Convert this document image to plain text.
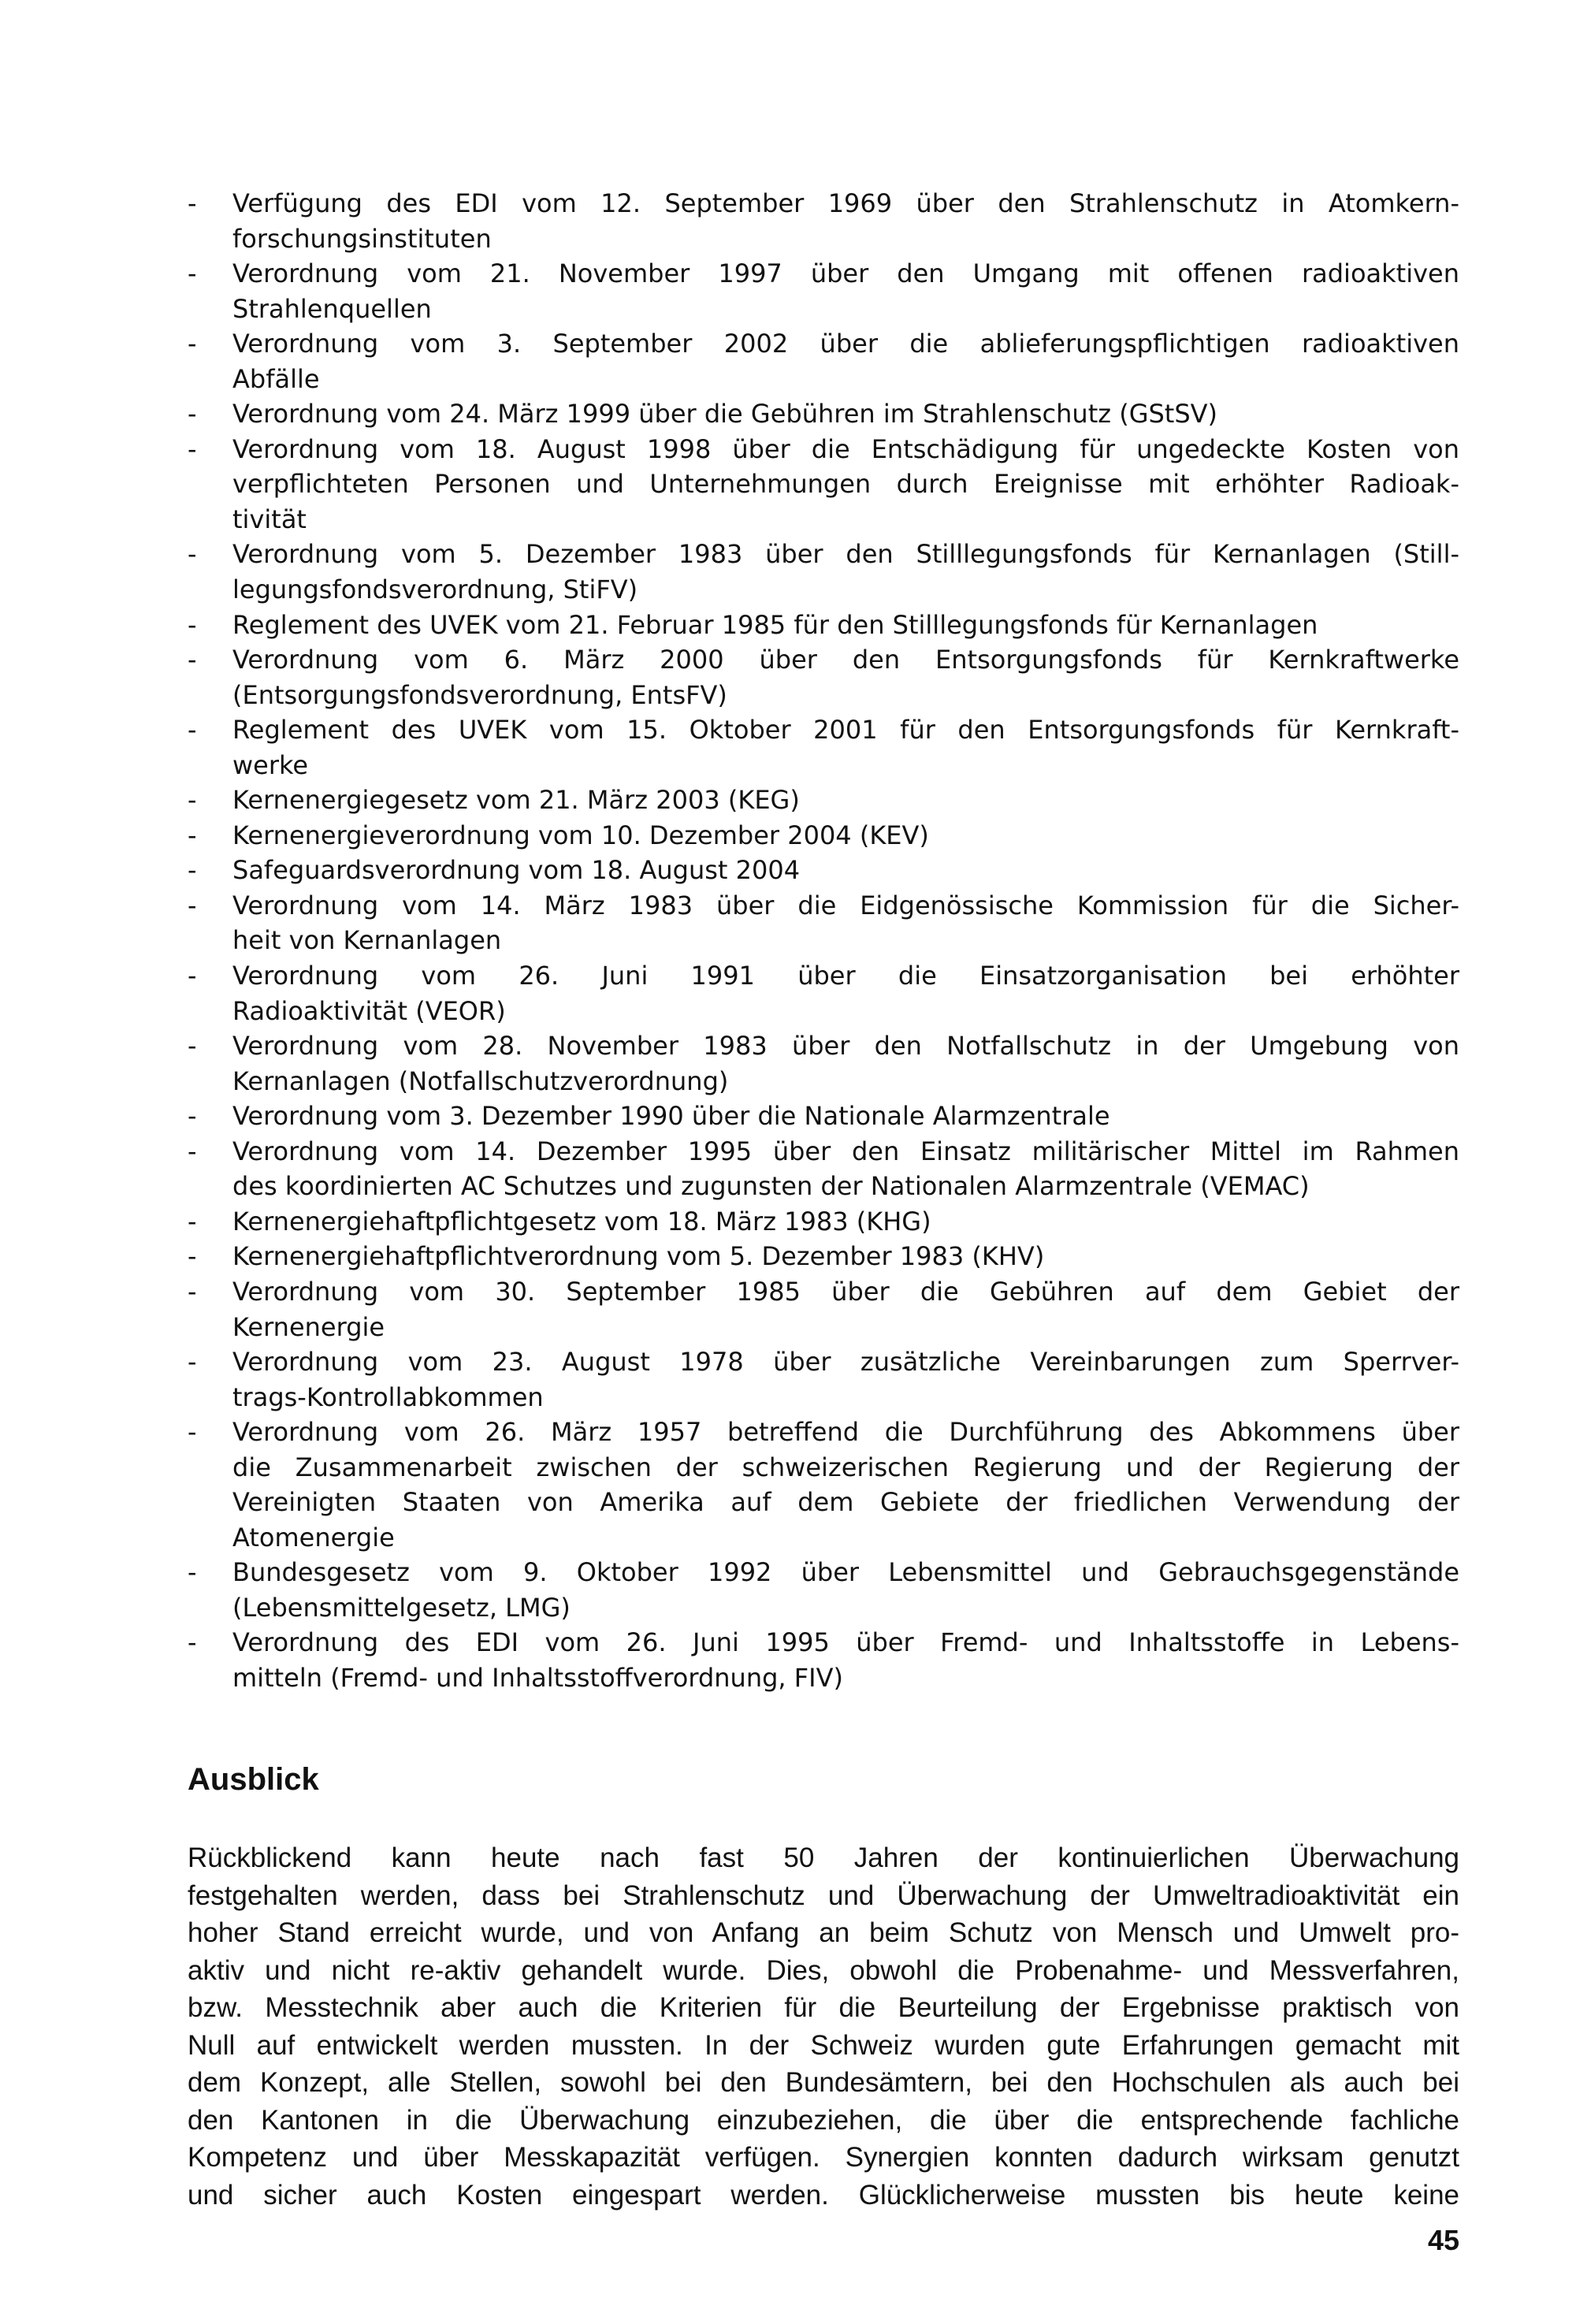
- Verfügung des EDI vom 12. September 1969 über den Strahlenschutz in Atomkern-
forschungsinstituten
- Verordnung vom 21. November 1997 über den Umgang mit offenen radioaktiven
Strahlenquellen
- Verordnung vom 3. September 2002 über die ablieferungspflichtigen radioaktiven
Abfälle
- Verordnung vom 24. März 1999 über die Gebühren im Strahlenschutz (GStSV)
- Verordnung vom 18. August 1998 über die Entschädigung für ungedeckte Kosten von
verpflichteten Personen und Unternehmungen durch Ereignisse mit erhöhter Radioak-
tivität
- Verordnung vom 5. Dezember 1983 über den Stilllegungsfonds für Kernanlagen (Still-
legungsfondsverordnung, StiFV)
- Reglement des UVEK vom 21. Februar 1985 für den Stilllegungsfonds für Kernanlagen
- Verordnung vom 6. März 2000 über den Entsorgungsfonds für Kernkraftwerke
(Entsorgungsfondsverordnung, EntsFV)
- Reglement des UVEK vom 15. Oktober 2001 für den Entsorgungsfonds für Kernkraft-
werke
- Kernenergiegesetz vom 21. März 2003 (KEG)
- Kernenergieverordnung vom 10. Dezember 2004 (KEV)
- Safeguardsverordnung vom 18. August 2004
- Verordnung vom 14. März 1983 über die Eidgenössische Kommission für die Sicher-
heit von Kernanlagen
- Verordnung vom 26. Juni 1991 über die Einsatzorganisation bei erhöhter
Radioaktivität (VEOR)
- Verordnung vom 28. November 1983 über den Notfallschutz in der Umgebung von
Kernanlagen (Notfallschutzverordnung)
- Verordnung vom 3. Dezember 1990 über die Nationale Alarmzentrale
- Verordnung vom 14. Dezember 1995 über den Einsatz militärischer Mittel im Rahmen
des koordinierten AC Schutzes und zugunsten der Nationalen Alarmzentrale (VEMAC)
- Kernenergiehaftpflichtgesetz vom 18. März 1983 (KHG)
- Kernenergiehaftpflichtverordnung vom 5. Dezember 1983 (KHV)
- Verordnung vom 30. September 1985 über die Gebühren auf dem Gebiet der
Kernenergie
- Verordnung vom 23. August 1978 über zusätzliche Vereinbarungen zum Sperrver-
trags-Kontrollabkommen
- Verordnung vom 26. März 1957 betreffend die Durchführung des Abkommens über
die Zusammenarbeit zwischen der schweizerischen Regierung und der Regierung der
Vereinigten Staaten von Amerika auf dem Gebiete der friedlichen Verwendung der
Atomenergie
- Bundesgesetz vom 9. Oktober 1992 über Lebensmittel und Gebrauchsgegenstände
(Lebensmittelgesetz, LMG)
- Verordnung des EDI vom 26. Juni 1995 über Fremd- und Inhaltsstoffe in Lebens-
mitteln (Fremd- und Inhaltsstoffverordnung, FIV)
Ausblick
Rückblickend kann heute nach fast 50 Jahren der kontinuierlichen Überwachung
festgehalten werden, dass bei Strahlenschutz und Überwachung der Umweltradioaktivität ein
hoher Stand erreicht wurde, und von Anfang an beim Schutz von Mensch und Umwelt pro-
aktiv und nicht re-aktiv gehandelt wurde. Dies, obwohl die Probenahme- und Messverfahren,
bzw. Messtechnik aber auch die Kriterien für die Beurteilung der Ergebnisse praktisch von
Null auf entwickelt werden mussten. In der Schweiz wurden gute Erfahrungen gemacht mit
dem Konzept, alle Stellen, sowohl bei den Bundesämtern, bei den Hochschulen als auch bei
den Kantonen in die Überwachung einzubeziehen, die über die entsprechende fachliche
Kompetenz und über Messkapazität verfügen. Synergien konnten dadurch wirksam genutzt
und sicher auch Kosten eingespart werden. Glücklicherweise mussten bis heute keine
45
